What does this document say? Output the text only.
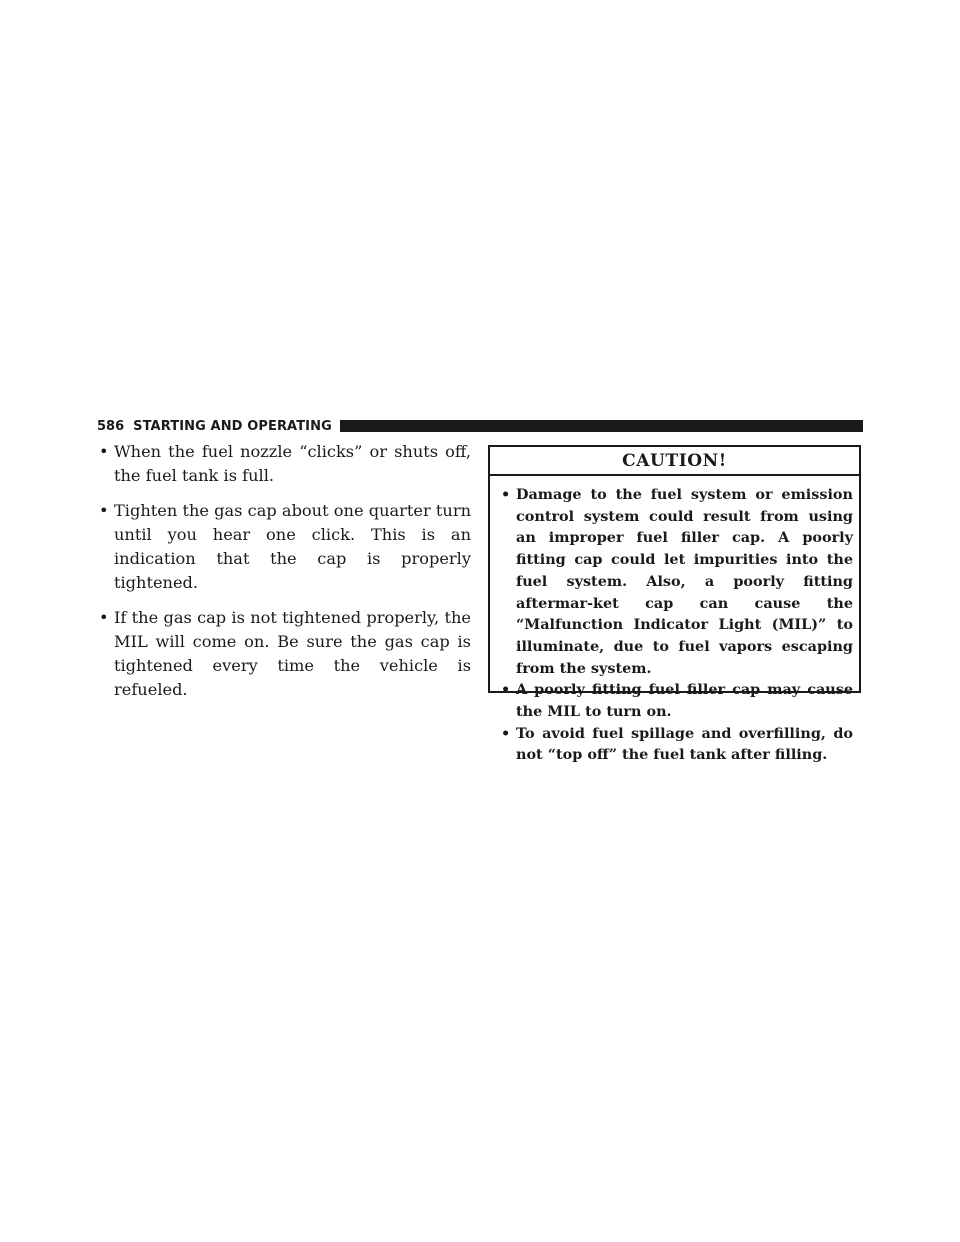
586 STARTING AND OPERATING
• When the fuel nozzle “clicks” or shuts off, the fuel tank is full.
• Tighten the gas cap about one quarter turn until you hear one click. This is an indication that the cap is properly tightened.
• If the gas cap is not tightened properly, the MIL will come on. Be sure the gas cap is tightened every time the vehicle is refueled.
CAUTION!
• Damage to the fuel system or emission control system could result from using an improper fuel filler cap. A poorly fitting cap could let impurities into the fuel system. Also, a poorly fitting aftermar-ket cap can cause the “Malfunction Indicator Light (MIL)” to illuminate, due to fuel vapors escaping from the system.
• A poorly fitting fuel filler cap may cause the MIL to turn on.
• To avoid fuel spillage and overfilling, do not “top off” the fuel tank after filling.
